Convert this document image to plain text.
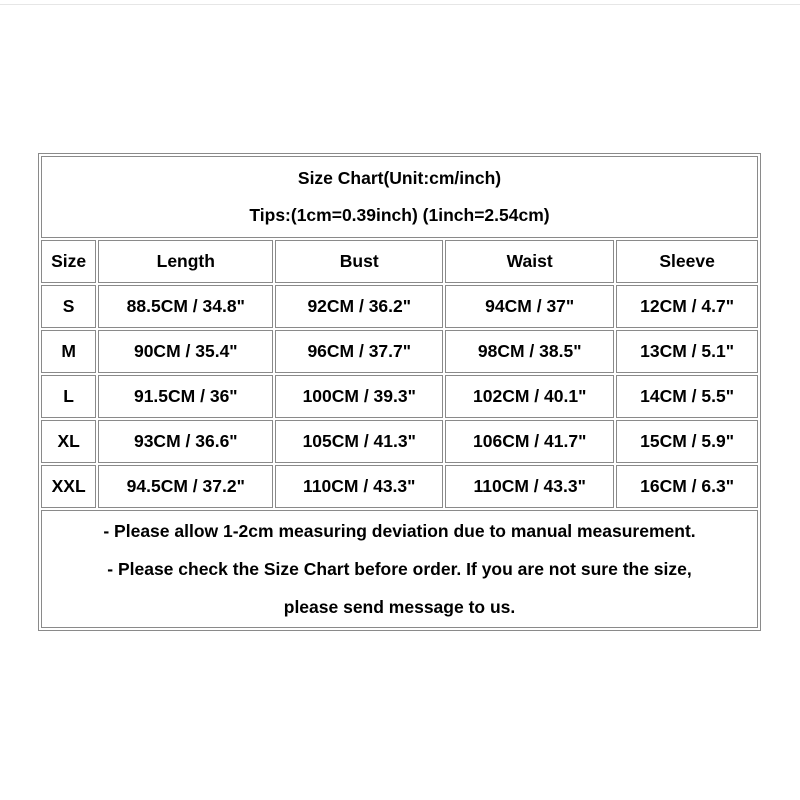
Size Chart(Unit:cm/inch)
Tips:(1cm=0.39inch) (1inch=2.54cm)				

Size	Length	Bust	Waist	Sleeve
S	88.5CM / 34.8"	92CM / 36.2"	94CM / 37"	12CM / 4.7"
M	90CM / 35.4"	96CM / 37.7"	98CM / 38.5"	13CM / 5.1"
L	91.5CM / 36"	100CM / 39.3"	102CM / 40.1"	14CM / 5.5"
XL	93CM / 36.6"	105CM / 41.3"	106CM / 41.7"	15CM / 5.9"
XXL	94.5CM / 37.2"	110CM / 43.3"	110CM / 43.3"	16CM / 6.3"

- Please allow 1-2cm measuring deviation due to manual measurement.
- Please check the Size Chart before order. If you are not sure the size,
please send message to us.				
